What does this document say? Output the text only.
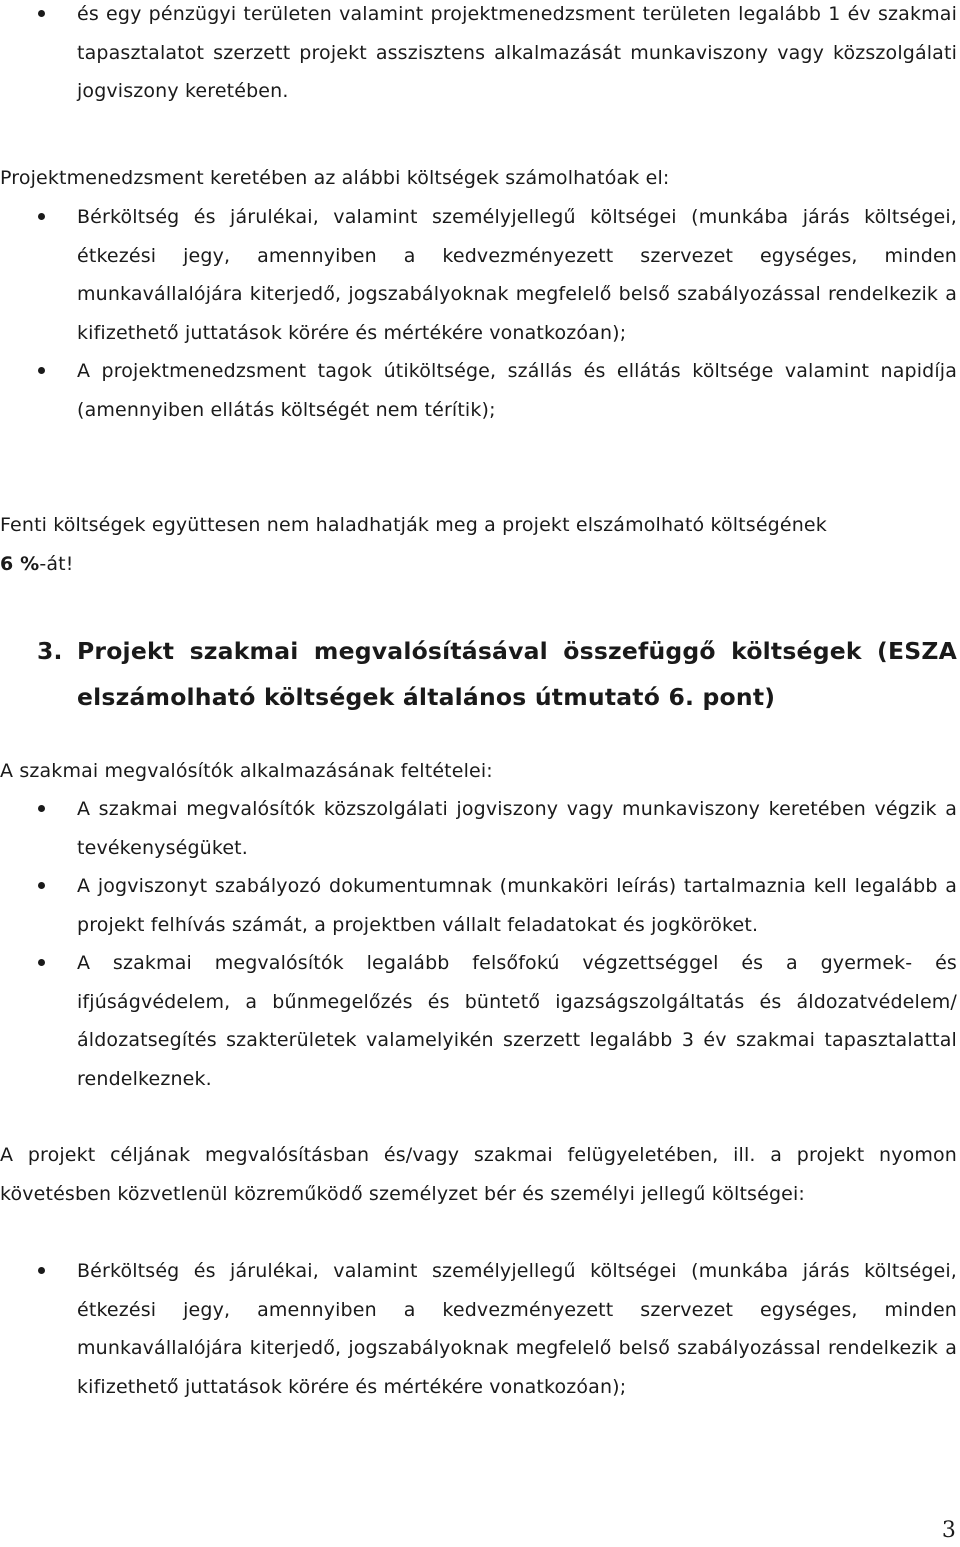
és egy pénzügyi területen valamint projektmenedzsment területen legalább 1 év szakmai tapasztalatot szerzett projekt asszisztens alkalmazását munkaviszony vagy közszolgálati jogviszony keretében.

Projektmenedzsment keretében az alábbi költségek számolhatóak el:

Bérköltség és járulékai, valamint személyjellegű költségei (munkába járás költségei, étkezési jegy, amennyiben a kedvezményezett szervezet egységes, minden munkavállalójára kiterjedő, jogszabályoknak megfelelő belső szabályozással rendelkezik a kifizethető juttatások körére és mértékére vonatkozóan);
A projektmenedzsment tagok útiköltsége, szállás és ellátás költsége valamint napidíja (amennyiben ellátás költségét nem térítik);

Fenti költségek együttesen nem haladhatják meg a projekt elszámolható költségének
6 %-át!

3. Projekt szakmai megvalósításával összefüggő költségek (ESZA elszámolható költségek általános útmutató 6. pont)

A szakmai megvalósítók alkalmazásának feltételei:

A szakmai megvalósítók közszolgálati jogviszony vagy munkaviszony keretében végzik a tevékenységüket.
A jogviszonyt szabályozó dokumentumnak (munkaköri leírás) tartalmaznia kell legalább a projekt felhívás számát, a projektben vállalt feladatokat és jogköröket.
A szakmai megvalósítók legalább felsőfokú végzettséggel és a gyermek- és ifjúságvédelem, a bűnmegelőzés és büntető igazságszolgáltatás és áldozatvédelem/áldozatsegítés szakterületek valamelyikén szerzett legalább 3 év szakmai tapasztalattal rendelkeznek.

A projekt céljának megvalósításban és/vagy szakmai felügyeletében, ill. a projekt nyomon követésben közvetlenül közreműködő személyzet bér és személyi jellegű költségei:

Bérköltség és járulékai, valamint személyjellegű költségei (munkába járás költségei, étkezési jegy, amennyiben a kedvezményezett szervezet egységes, minden munkavállalójára kiterjedő, jogszabályoknak megfelelő belső szabályozással rendelkezik a kifizethető juttatások körére és mértékére vonatkozóan);
3
